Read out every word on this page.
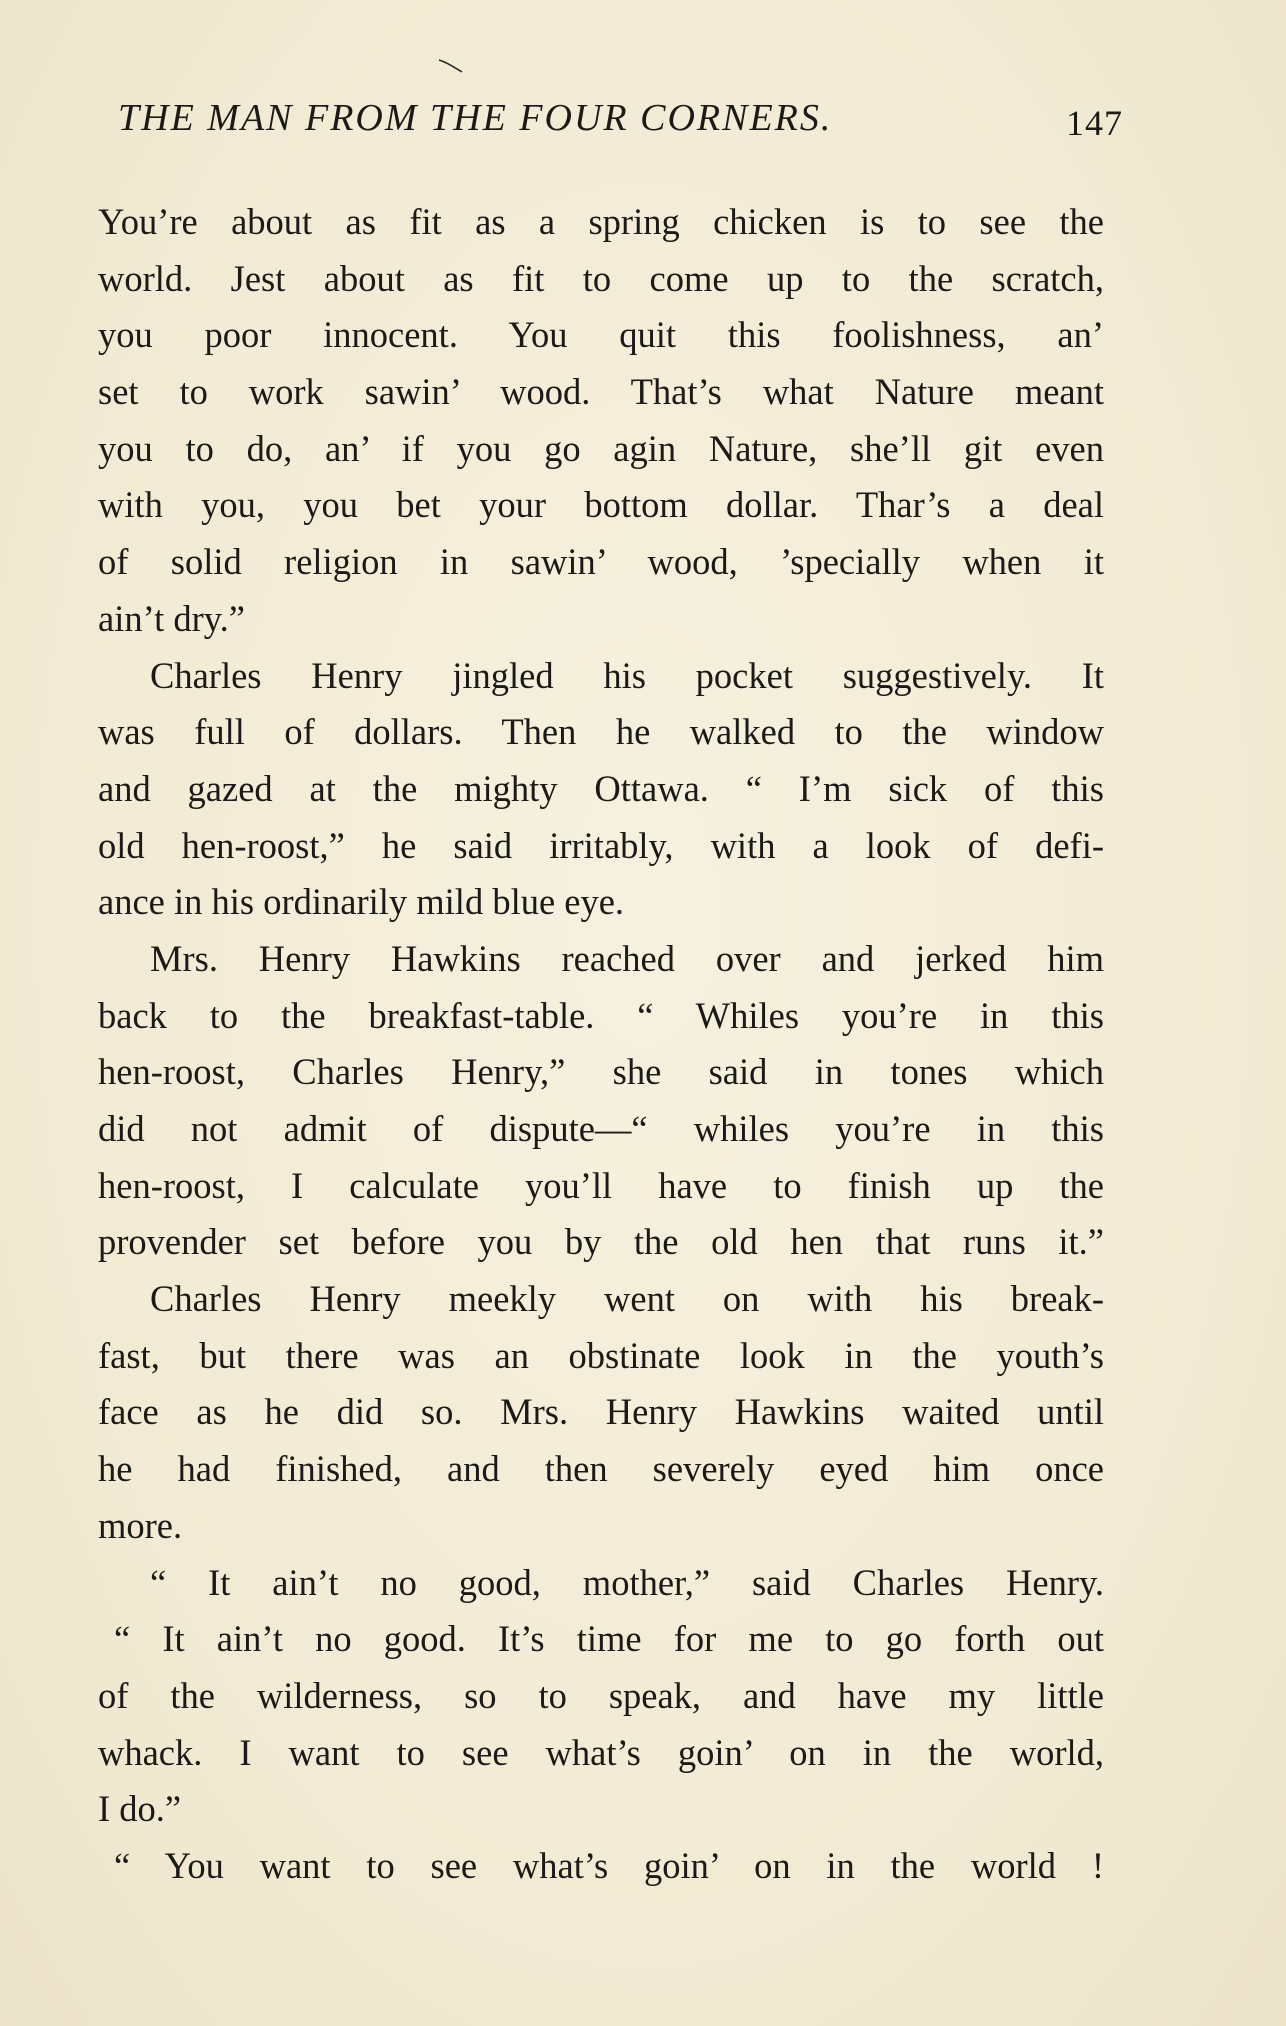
THE MAN FROM THE FOUR CORNERS.	147
You’re about as fit as a spring chicken is to see the
world. Jest about as fit to come up to the scratch,
you poor innocent. You quit this foolishness, an’
set to work sawin’ wood. That’s what Nature meant
you to do, an’ if you go agin Nature, she’ll git even
with you, you bet your bottom dollar. Thar’s a deal
of solid religion in sawin’ wood, ’specially when it
ain’t dry.”
Charles Henry jingled his pocket suggestively. It
was full of dollars. Then he walked to the window
and gazed at the mighty Ottawa. “ I’m sick of this
old hen-roost,” he said irritably, with a look of defi-
ance in his ordinarily mild blue eye.
Mrs. Henry Hawkins reached over and jerked him
back to the breakfast-table. “ Whiles you’re in this
hen-roost, Charles Henry,” she said in tones which
did not admit of dispute—“ whiles you’re in this
hen-roost, I calculate you’ll have to finish up the
provender set before you by the old hen that runs it.”
Charles Henry meekly went on with his break-
fast, but there was an obstinate look in the youth’s
face as he did so. Mrs. Henry Hawkins waited until
he had finished, and then severely eyed him once
more.
“ It ain’t no good, mother,” said Charles Henry.
“ It ain’t no good. It’s time for me to go forth out
of the wilderness, so to speak, and have my little
whack. I want to see what’s goin’ on in the world,
I do.”
“ You want to see what’s goin’ on in the world !
